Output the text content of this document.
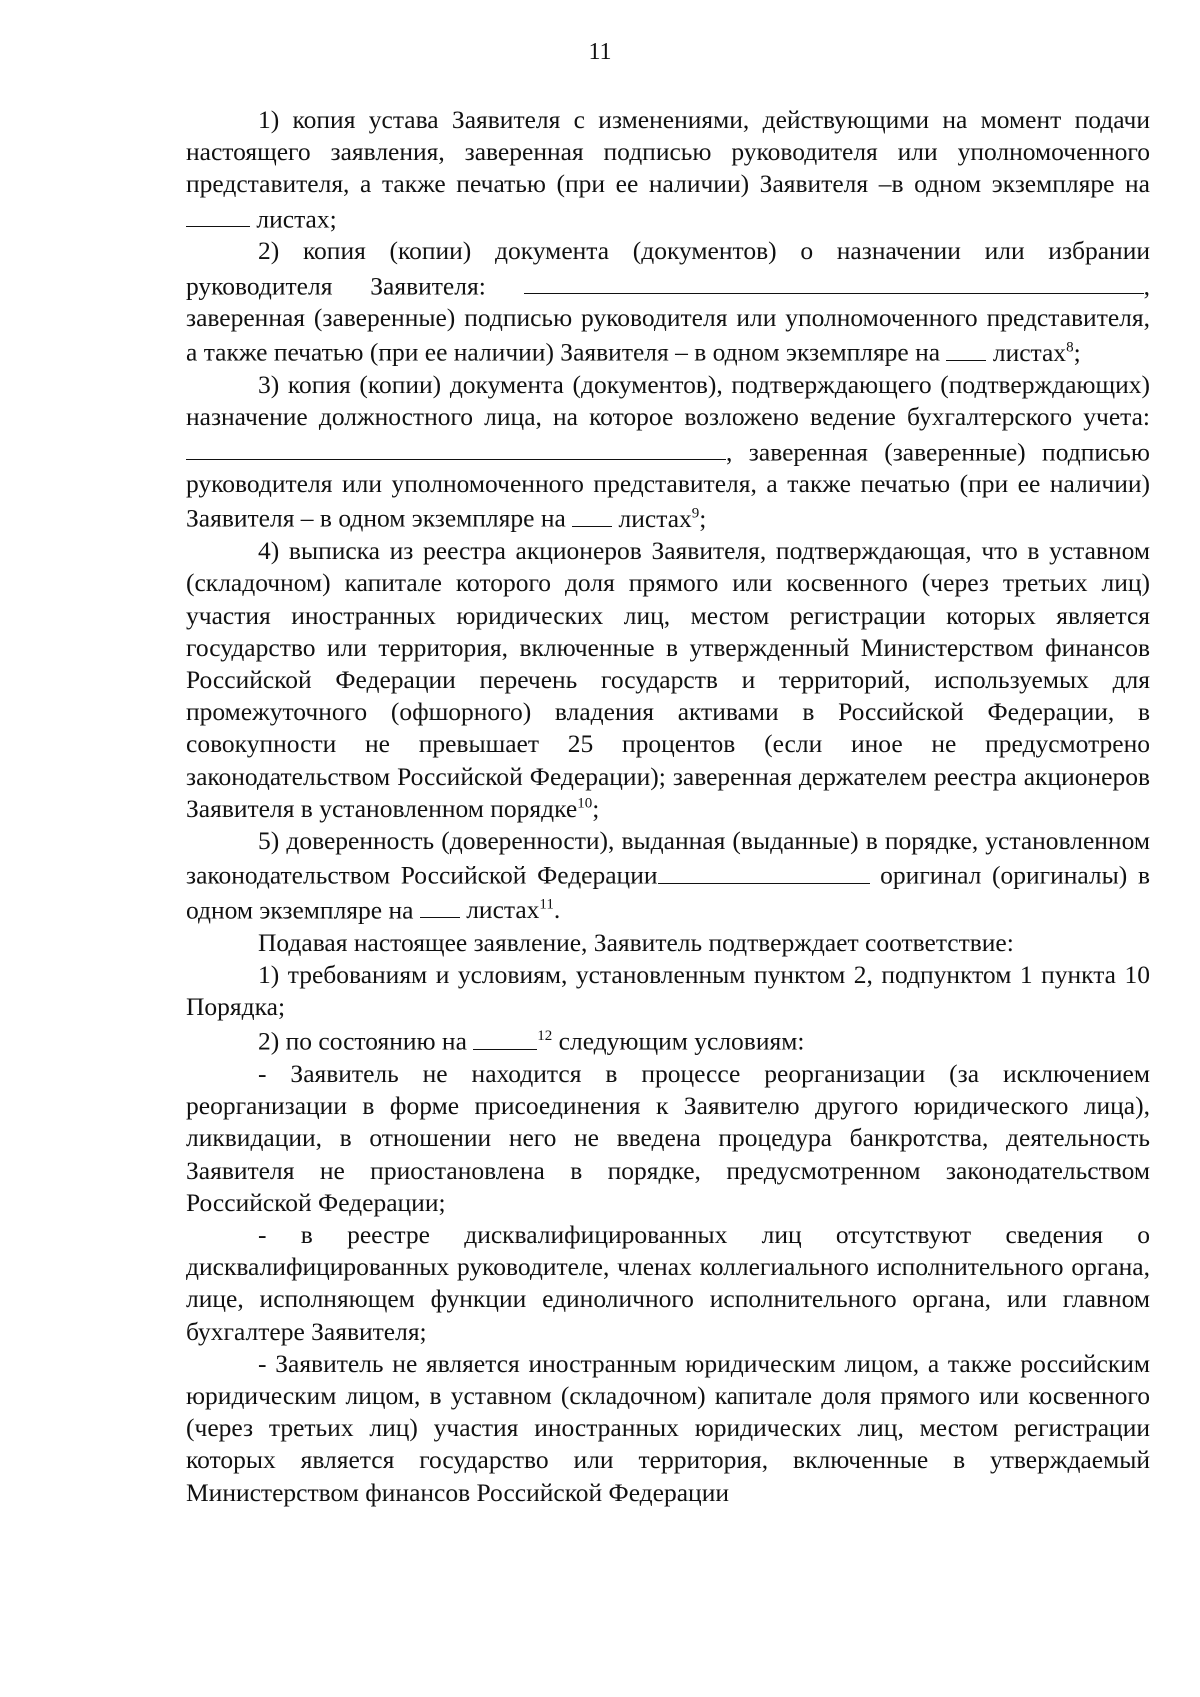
11

1) копия устава Заявителя с изменениями, действующими на момент подачи настоящего заявления, заверенная подписью руководителя или уполномоченного представителя, а также печатью (при ее наличии) Заявителя –в одном экземпляре на  листах;

2) копия (копии) документа (документов) о назначении или избрании руководителя Заявителя:	, заверенная (заверенные) подписью руководителя или уполномоченного представителя, а также печатью (при ее наличии) Заявителя – в одном экземпляре на листах$^8$;

3) копия (копии) документа (документов), подтверждающего (подтверждающих) назначение должностного лица, на которое возложено ведение бухгалтерского учета: , заверенная (заверенные) подписью руководителя или уполномоченного представителя, а также печатью (при ее наличии) Заявителя – в одном экземпляре на листах$^9$;

4) выписка из реестра акционеров Заявителя, подтверждающая, что в уставном (складочном) капитале которого доля прямого или косвенного (через третьих лиц) участия иностранных юридических лиц, местом регистрации которых является государство или территория, включенные в утвержденный Министерством финансов Российской Федерации перечень государств и территорий, используемых для промежуточного (офшорного) владения активами в Российской Федерации, в совокупности не превышает 25 процентов (если иное не предусмотрено законодательством Российской Федерации); заверенная держателем реестра акционеров Заявителя в установленном порядке$^{10}$;

5) доверенность (доверенности), выданная (выданные) в порядке, установленном законодательством Российской Федерации	оригинал (оригиналы) в одном экземпляре на листах$^{11}$.

Подавая настоящее заявление, Заявитель подтверждает соответствие:

1) требованиям и условиям, установленным пунктом 2, подпунктом 1 пункта 10 Порядка;

2) по состоянию на	$^{12}$ следующим условиям:

- Заявитель не находится в процессе реорганизации (за исключением реорганизации в форме присоединения к Заявителю другого юридического лица), ликвидации, в отношении него не введена процедура банкротства, деятельность Заявителя не приостановлена в порядке, предусмотренном законодательством Российской Федерации;

- в реестре дисквалифицированных лиц отсутствуют сведения о дисквалифицированных руководителе, членах коллегиального исполнительного органа, лице, исполняющем функции единоличного исполнительного органа, или главном бухгалтере Заявителя;

- Заявитель не является иностранным юридическим лицом, а также российским юридическим лицом, в уставном (складочном) капитале доля прямого или косвенного (через третьих лиц) участия иностранных юридических лиц, местом регистрации которых является государство или территория, включенные в утверждаемый Министерством финансов Российской Федерации
